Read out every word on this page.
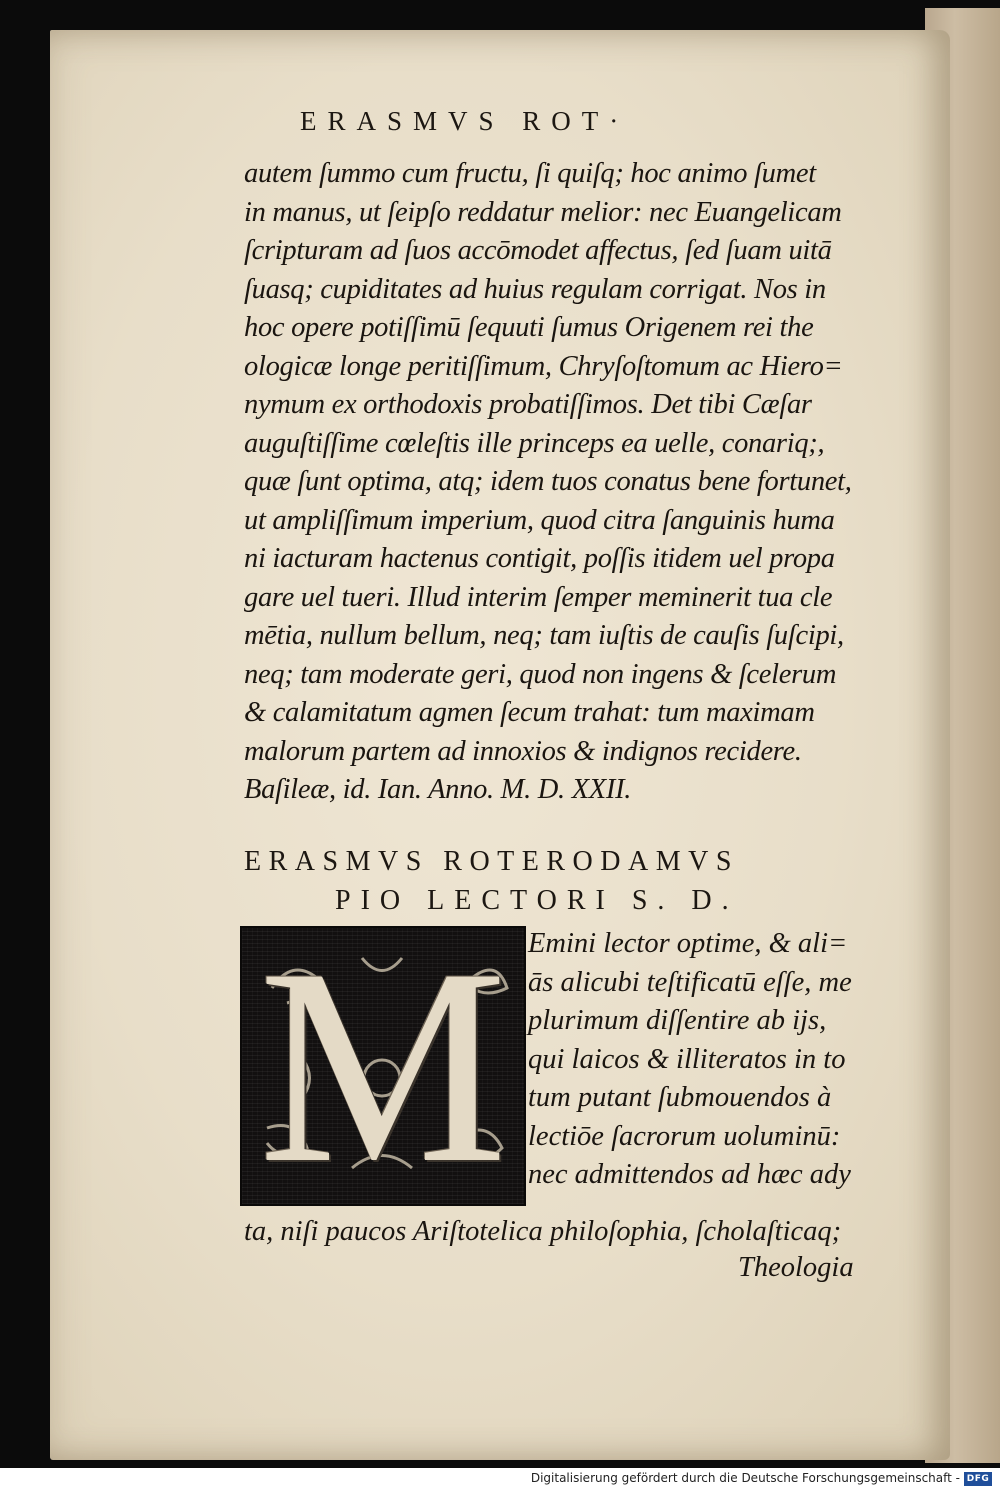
ERASMVS ROT·
autem ſummo cum fructu, ſi quiſq; hoc animo ſumet
in manus, ut ſeipſo reddatur melior: nec Euangelicam
ſcripturam ad ſuos accōmodet affectus, ſed ſuam uitā
ſuasq; cupiditates ad huius regulam corrigat. Nos in
hoc opere potiſſimū ſequuti ſumus Origenem rei the
ologicæ longe peritiſſimum, Chryſoſtomum ac Hiero=
nymum ex orthodoxis probatiſſimos. Det tibi Cæſar
auguſtiſſime cœleſtis ille princeps ea uelle, conariq;,
quæ ſunt optima, atq; idem tuos conatus bene fortunet,
ut ampliſſimum imperium, quod citra ſanguinis huma
ni iacturam hactenus contigit, poſſis itidem uel propa
gare uel tueri. Illud interim ſemper meminerit tua cle
mētia, nullum bellum, neq; tam iuſtis de cauſis ſuſcipi,
neq; tam moderate geri, quod non ingens & ſcelerum
& calamitatum agmen ſecum trahat: tum maximam
malorum partem ad innoxios & indignos recidere.
Baſileæ, id. Ian. Anno. M. D. XXII.
ERASMVS ROTERODAMVS
PIO LECTORI S. D.
M Emini lector optime, & ali=
ās alicubi teſtificatū eſſe, me
plurimum diſſentire ab ijs,
qui laicos & illiteratos in to
tum putant ſubmouendos à
lectiōe ſacrorum uoluminū:
nec admittendos ad hæc ady
ta, niſi paucos Ariſtotelica philoſophia, ſcholaſticaq;
Theologia
Digitalisierung gefördert durch die Deutsche Forschungsgemeinschaft - DFG
